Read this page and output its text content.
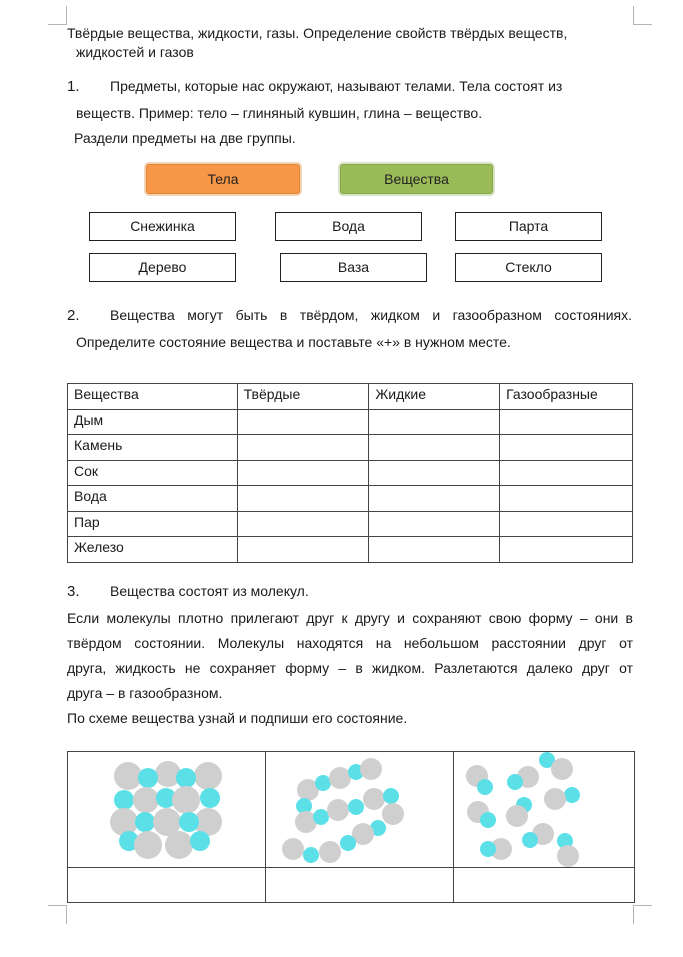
Твёрдые вещества, жидкости, газы. Определение свойств твёрдых веществ,
жидкостей и газов
1. Предметы, которые нас окружают, называют телами. Тела состоят из
веществ. Пример: тело – глиняный кувшин, глина – вещество.
Раздели предметы на две группы.
Тела	Вещества
Снежинка	Вода	Парта
Дерево	Ваза	Стекло
2. Вещества могут быть в твёрдом, жидком и газообразном состояниях.
Определите состояние вещества и поставьте «+» в нужном месте.
Вещества	Твёрдые	Жидкие	Газообразные
Дым			
Камень			
Сок			
Вода			
Пар			
Железо			
3. Вещества состоят из молекул.
Если молекулы плотно прилегают друг к другу и сохраняют свою форму – они в
твёрдом состоянии. Молекулы находятся на небольшом расстоянии друг от
друга, жидкость не сохраняет форму – в жидком. Разлетаются далеко друг от
друга – в газообразном.
По схеме вещества узнай и подпиши его состояние.
